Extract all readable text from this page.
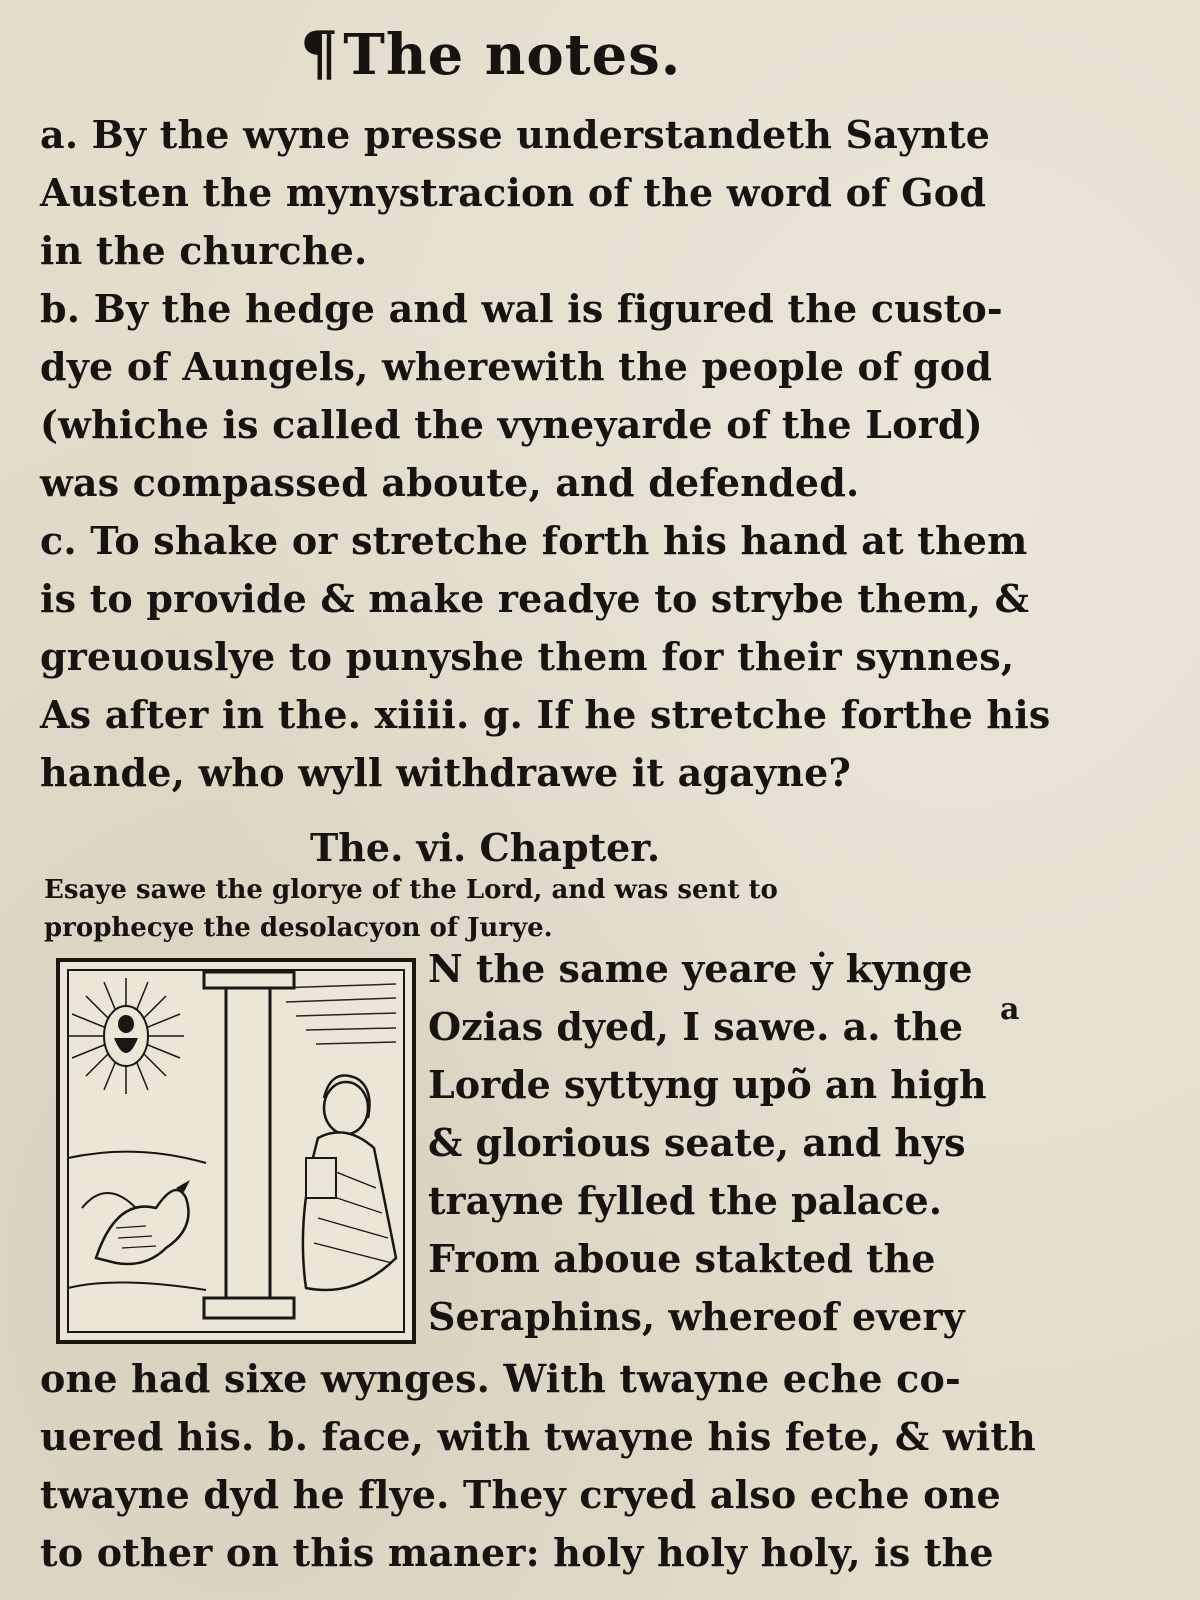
¶The notes.
a. By the wyne presse understandeth Saynte
Austen the mynystracion of the word of God
in the churche.
b. By the hedge and wal is figured the custo-
dye of Aungels, wherewith the people of god
(whiche is called the vyneyarde of the Lord)
was compassed aboute, and defended.
c. To shake or stretche forth his hand at them
is to provide & make readye to strybe them, &
greuouslye to punyshe them for their synnes,
As after in the. xiiii. g. If he stretche forthe his
hande, who wyll withdrawe it agayne?
The. vi. Chapter.
Esaye sawe the glorye of the Lord, and was sent to
prophecye the desolacyon of Jurye.
N the same yeare ẏ kynge
Ozias dyed, I sawe. a. the
Lorde syttyng upõ an high
& glorious seate, and hys
trayne fylled the palace.
From aboue stakted the
Seraphins, whereof every
a
one had sixe wynges. With twayne eche co-
uered his. b. face, with twayne his fete, & with
twayne dyd he flye. They cryed also eche one
to other on this maner: holy holy holy, is the
